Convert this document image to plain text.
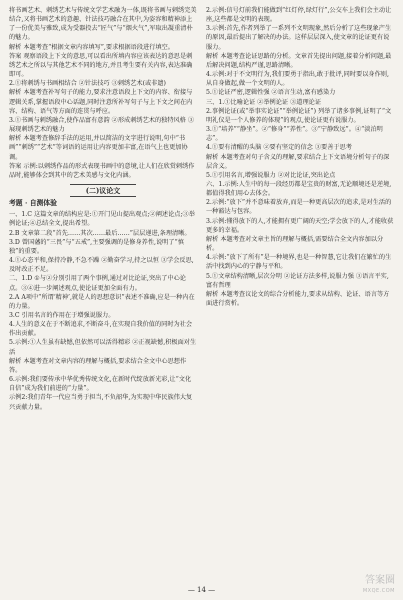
将书画艺术、刺绣艺术与传统文学艺术融为一体,既将书画与刺绣完美结合,又将书画艺术的意趣、针法技巧融合在其中,为姿容和精神添上了一份优美与雅致,成为受器投去“匠气”与“烟火气”,军取出凝重清朴的魅力。

解析 本题考查“根据文章内容填写”,要求根据语段进行填空。

答案 观察语段上下文的意思,可以看出所填内容应该表达的意思是刺绣艺术之所以与其他艺术不同的地方,并且考生要有关内容,表达准确即可。

2.①将刺绣与书画相结合 ②针法技巧 ③刺绣艺术(或非遗)

解析 本题考查补写句子的能力,要求注意语段上下文的内容、衔接与逻辑关系,掌握语段中心话题,同时注意所补写句子与上下文之间在内容、结构、语气等方面的连贯与呼应。

3.①书画与刺绣融合,使作品富有意韵 ②形成刺绣艺术的独特风格 ③展现刺绣艺术的魅力

解析 本题考查修辞手法的运用,并以简洁的文字进行说明,句中“书画”“刺绣”“艺术”等词语的运用让内容更加丰富,在语气上也更加协调。

答案 示例:以刺绣作品的形式表现书画中的意境,让人们在欣赏刺绣作品时,能够体会到其中的艺术美感与文化内涵。

(二)议论文
考题 · 自测体验

一、1.C 这篇文章的结构应是:①开门见山提出观点;②阐述论点;③举例论证;④总结全文,提出希望。

2.B 文章第二段“首先……其次……最后……”层层递进,条理清晰。

3.D 曾国藩的“三畏”与“五戒”,主要强调的是修身养性,说明了“慎独”的重要。

4.①心态平和,保持冷静,不急不躁 ②勤奋学习,持之以恒 ③学会反思,及时改正不足。

二、1.D ①与②分别引用了两个事例,通过对比论证,突出了中心论点。③④进一步阐述观点,使论证更加全面有力。

2.A A项中“所谓‘精神’,就是人的思想意识”表述不准确,应是一种内在的力量。

3.C 引用名言的作用在于增强说服力。

4.人生的意义在于不断追求,不断奋斗,在实现自我价值的同时为社会作出贡献。

5.示例:①人生虽有缺憾,但依然可以活得精彩 ②正视缺憾,积极面对生活

解析 本题考查对文章内容的理解与概括,要求结合全文中心思想作答。

6.示例:我们要传承中华优秀传统文化,在新时代绽放新光彩,让“文化自信”成为我们前进的“力量”。

示例2:我们青年一代应当勇于担当,不负韶华,为实现中华民族伟大复兴贡献力量。

2.示例:信号灯前我们能做到“红灯停,绿灯行”,公交车上我们会主动让座,这些都是文明的表现。

3.示例:首先,作者列举了一系列不文明现象,然后分析了这些现象产生的原因,最后提出了解决的办法。这样层层深入,使文章的论证更有说服力。

解析 本题考查论证思路的分析。文章首先提出问题,接着分析问题,最后解决问题,结构严谨,思路清晰。

4.示例:对于不文明行为,我们要勇于指出,敢于批评,同时要以身作则,从自身做起,做一个文明的人。

5.①论证严密,逻辑性强 ②语言生动,富有感染力

三、1.①比喻论证 ②举例论证 ③道理论证

2.事例论证(或“举事实论证”“举例论证”) 列举了诸多事例,证明了“文明礼仪是一个人修养的体现”的观点,使论证更有说服力。

3.①“培养”“静坐”。②“修身”“养性”。③“宁静致远”。④“淡泊明志”。

4.①要有清醒的头脑 ②要有坚定的信念 ③要善于思考

解析 本题考查对句子含义的理解,要求结合上下文语境分析句子的深层含义。

5.①引用名言,增强说服力 ②对比论证,突出论点

六、1.示例:人生中的每一段经历都是宝贵的财富,无论顺境还是逆境,都值得我们用心去体会。

2.示例:“放下”并不意味着放弃,而是一种更高层次的追求,是对生活的一种豁达与包容。

3.示例:懂得放下的人,才能拥有更广阔的天空;学会放下的人,才能收获更多的幸福。

解析 本题考查对文章主旨的理解与概括,需要结合全文内容加以分析。

4.示例:“放下了所有”是一种境界,也是一种智慧,它让我们在繁忙的生活中找到内心的宁静与平和。

5.①文章结构清晰,层次分明 ②论证方法多样,说服力强 ③语言平实,富有哲理

解析 本题考查议论文的综合分析能力,要求从结构、论证、语言等方面进行赏析。

— 14 —
答案圈
MXQE.COM
